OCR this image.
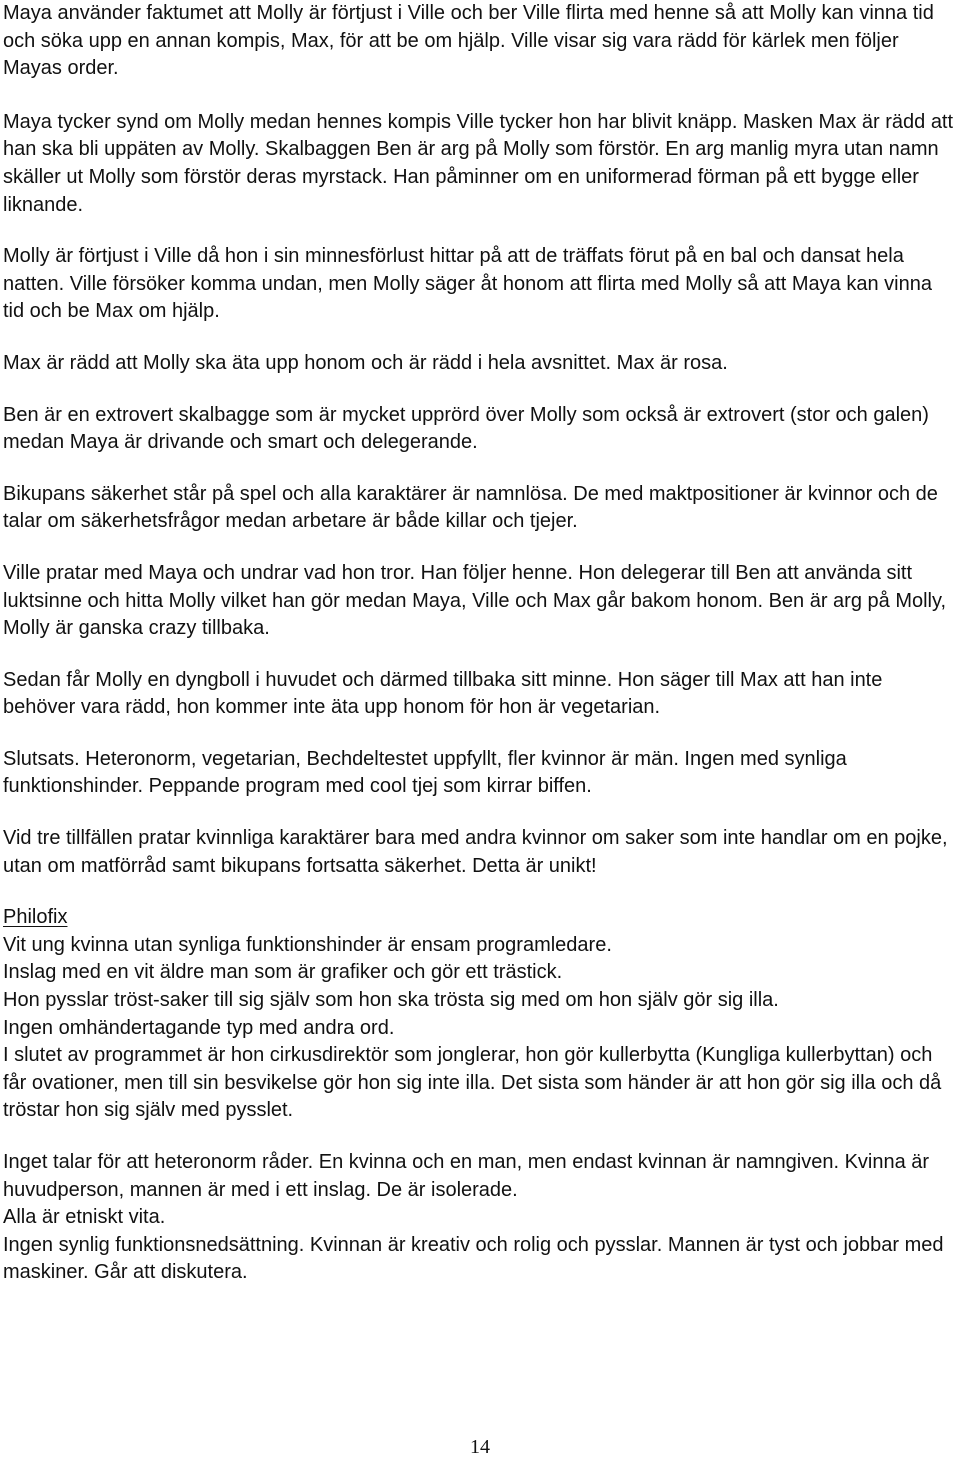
Maya använder faktumet att Molly är förtjust i Ville och ber Ville flirta med henne så att Molly kan vinna tid och söka upp en annan kompis, Max, för att be om hjälp. Ville visar sig vara rädd för kärlek men följer Mayas order.

Maya tycker synd om Molly medan hennes kompis Ville tycker hon har blivit knäpp. Masken Max är rädd att han ska bli uppäten av Molly. Skalbaggen Ben är arg på Molly som förstör. En arg manlig myra utan namn skäller ut Molly som förstör deras myrstack. Han påminner om en uniformerad förman på ett bygge eller liknande.

Molly är förtjust i Ville då hon i sin minnesförlust hittar på att de träffats förut på en bal och dansat hela natten. Ville försöker komma undan, men Molly säger åt honom att flirta med Molly så att Maya kan vinna tid och be Max om hjälp.

Max är rädd att Molly ska äta upp honom och är rädd i hela avsnittet. Max är rosa.

Ben är en extrovert skalbagge som är mycket upprörd över Molly som också är extrovert (stor och galen) medan Maya är drivande och smart och delegerande.

Bikupans säkerhet står på spel och alla karaktärer är namnlösa. De med maktpositioner är kvinnor och de talar om säkerhetsfrågor medan arbetare är både killar och tjejer.

Ville pratar med Maya och undrar vad hon tror. Han följer henne. Hon delegerar till Ben att använda sitt luktsinne och hitta Molly vilket han gör medan Maya, Ville och Max går bakom honom. Ben är arg på Molly, Molly är ganska crazy tillbaka.

Sedan får Molly en dyngboll i huvudet och därmed tillbaka sitt minne. Hon säger till Max att han inte behöver vara rädd, hon kommer inte äta upp honom för hon är vegetarian.

Slutsats. Heteronorm, vegetarian, Bechdeltestet uppfyllt, fler kvinnor är män. Ingen med synliga funktionshinder. Peppande program med cool tjej som kirrar biffen.

Vid tre tillfällen pratar kvinnliga karaktärer bara med andra kvinnor om saker som inte handlar om en pojke, utan om matförråd samt bikupans fortsatta säkerhet. Detta är unikt!

Philofix

Vit ung kvinna utan synliga funktionshinder är ensam programledare.

Inslag med en vit äldre man som är grafiker och gör ett trästick.

Hon pysslar tröst-saker till sig själv som hon ska trösta sig med om hon själv gör sig illa.

Ingen omhändertagande typ med andra ord.

I slutet av programmet är hon cirkusdirektör som jonglerar, hon gör kullerbytta (Kungliga kullerbyttan) och får ovationer, men till sin besvikelse gör hon sig inte illa. Det sista som händer är att hon gör sig illa och då tröstar hon sig själv med pysslet.

Inget talar för att heteronorm råder. En kvinna och en man, men endast kvinnan är namngiven. Kvinna är huvudperson, mannen är med i ett inslag. De är isolerade.

Alla är etniskt vita.

Ingen synlig funktionsnedsättning. Kvinnan är kreativ och rolig och pysslar. Mannen är tyst och jobbar med maskiner. Går att diskutera.

14
